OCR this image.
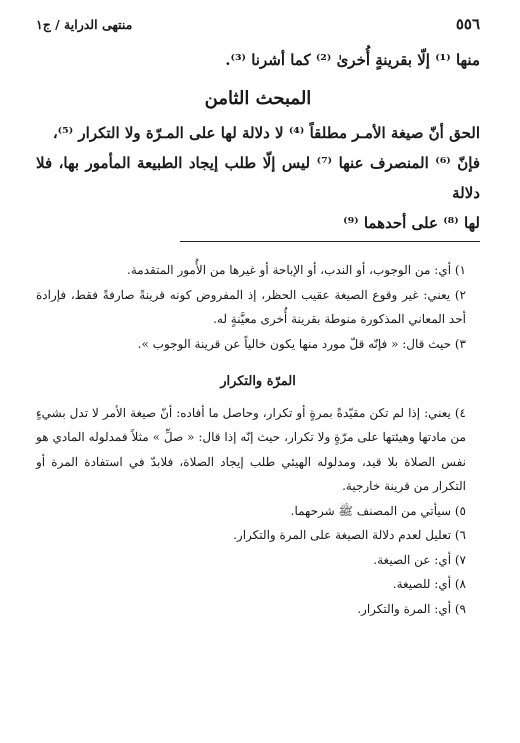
٥٥٦
منتهى الدراية / ج١
منها ⁽¹⁾ إلّا بقرينةٍ أُخرىٰ ⁽²⁾ كما أشرنا ⁽³⁾.
المبحث الثامن

الحق أنّ صيغة الأمـر مطلقاً ⁽⁴⁾ لا دلالة لها على المـرّة ولا التكرار ⁽⁵⁾،

فإنّ ⁽⁶⁾ المنصرف عنها ⁽⁷⁾ ليس إلّا طلب إيجاد الطبيعة المأمور بها، فلا دلالة

لها ⁽⁸⁾ على أحدهما ⁽⁹⁾

١) أي: من الوجوب، أو الندب، أو الإباحة أو غيرها من الأُمور المتقدمة.

٢) يعني: غير وقوع الصيغة عقيب الحظر، إذ المفروض كونه قرينةً صارفةً فقط، فإرادة أحد المعاني المذكورة منوطة بقرينة أُخرى معيَّنةٍ له.

٣) حيث قال: « فإنّه قلّ مورد منها يكون خالياً عن قرينة الوجوب ».

المرّة والتكرار

٤) يعني: إذا لم تكن مقيّدةً بمرةٍ أو تكرار، وحاصل ما أفاده: أنّ صيغة الأمر لا تدل بشيءٍ من مادتها وهيئتها على مرّةٍ ولا تكرار، حيث إنّه إذا قال: « صلِّ » مثلاً فمدلوله المادي هو نفس الصلاة بلا قيد، ومدلوله الهيئي طلب إيجاد الصلاة، فلابدّ في استفادة المرة أو التكرار من قرينة خارجية.

٥) سيأتي من المصنف ﷺ شرحهما.

٦) تعليل لعدم دلالة الصيغة على المرة والتكرار.

٧) أي: عن الصيغة.

٨) أي: للصيغة.

٩) أي: المرة والتكرار.
